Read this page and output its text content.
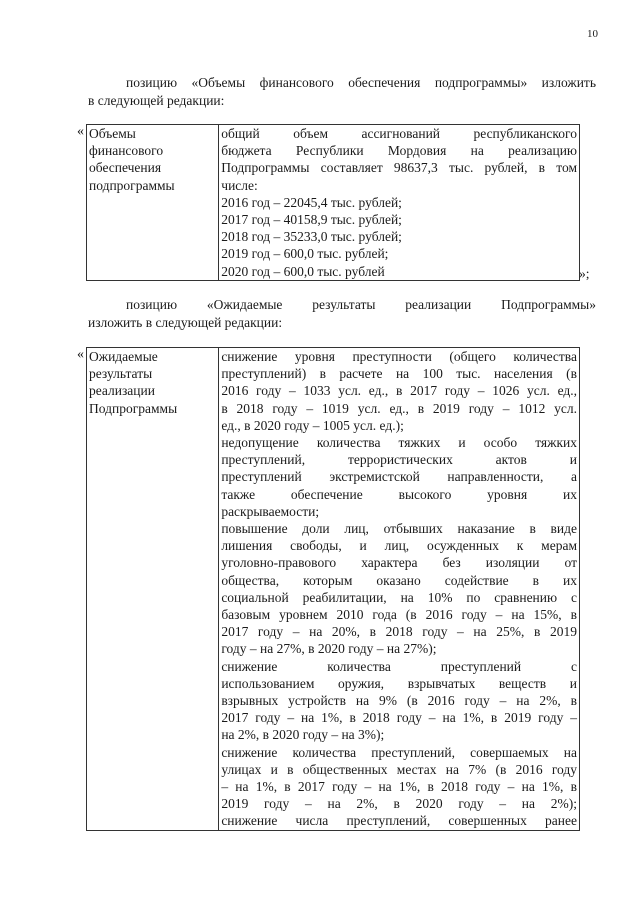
10
позицию «Объемы финансового обеспечения подпрограммы» изложить
в следующей редакции:
« Объемы
финансового
обеспечения
подпрограммы

общий объем ассигнований республиканского
бюджета Республики Мордовия на реализацию
Подпрограммы составляет 98637,3 тыс. рублей, в том
числе:
2016 год – 22045,4 тыс. рублей;
2017 год – 40158,9 тыс. рублей;
2018 год – 35233,0 тыс. рублей;
2019 год – 600,0 тыс. рублей;
2020 год – 600,0 тыс. рублей	»;
позицию «Ожидаемые результаты реализации Подпрограммы»
изложить в следующей редакции:
« Ожидаемые
результаты
реализации
Подпрограммы

снижение уровня преступности (общего количества
преступлений) в расчете на 100 тыс. населения (в
2016 году – 1033 усл. ед., в 2017 году – 1026 усл. ед.,
в 2018 году – 1019 усл. ед., в 2019 году – 1012 усл.
ед., в 2020 году – 1005 усл. ед.);
недопущение количества тяжких и особо тяжких
преступлений, террористических актов и
преступлений экстремистской направленности, а
также обеспечение высокого уровня их
раскрываемости;
повышение доли лиц, отбывших наказание в виде
лишения свободы, и лиц, осужденных к мерам
уголовно-правового характера без изоляции от
общества, которым оказано содействие в их
социальной реабилитации, на 10% по сравнению с
базовым уровнем 2010 года (в 2016 году – на 15%, в
2017 году – на 20%, в 2018 году – на 25%, в 2019
году – на 27%, в 2020 году – на 27%);
снижение количества преступлений с
использованием оружия, взрывчатых веществ и
взрывных устройств на 9% (в 2016 году – на 2%, в
2017 году – на 1%, в 2018 году – на 1%, в 2019 году –
на 2%, в 2020 году – на 3%);
снижение количества преступлений, совершаемых на
улицах и в общественных местах на 7% (в 2016 году
– на 1%, в 2017 году – на 1%, в 2018 году – на 1%, в
2019 году – на 2%, в 2020 году – на 2%);
снижение числа преступлений, совершенных ранее
